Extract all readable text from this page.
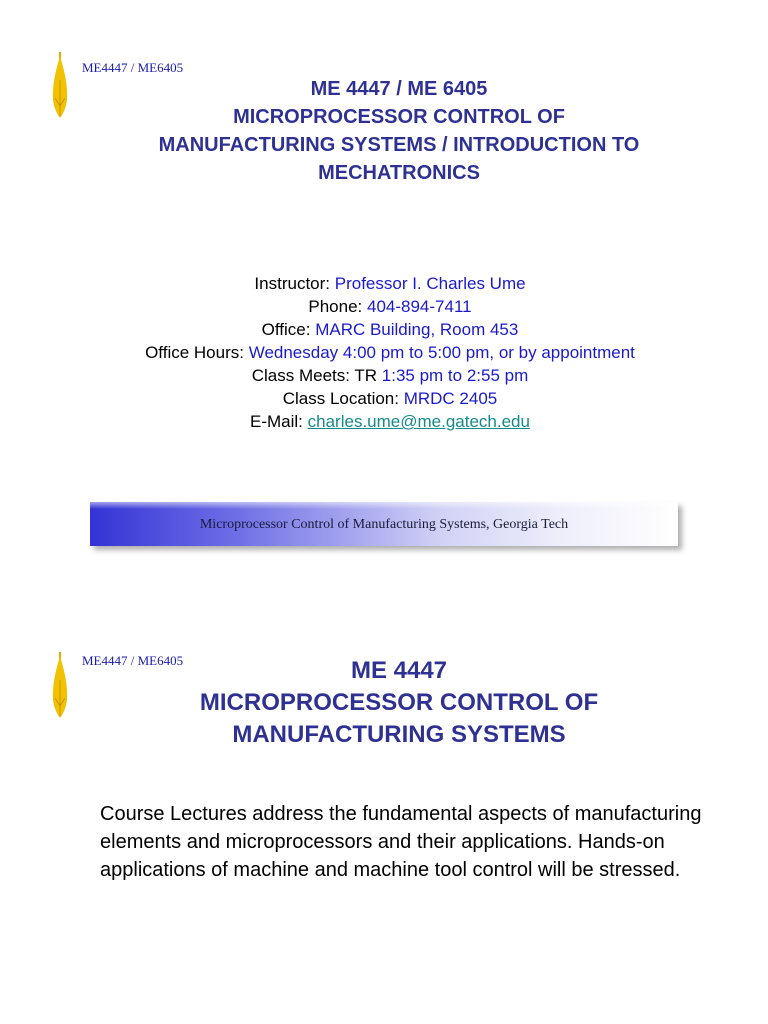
ME4447 / ME6405
ME 4447 / ME 6405
MICROPROCESSOR CONTROL OF
MANUFACTURING SYSTEMS / INTRODUCTION TO
MECHATRONICS
Instructor: Professor I. Charles Ume
Phone: 404-894-7411
Office: MARC Building, Room 453
Office Hours: Wednesday 4:00 pm to 5:00 pm, or by appointment
Class Meets: TR 1:35 pm to 2:55 pm
Class Location: MRDC 2405
E-Mail: charles.ume@me.gatech.edu
Microprocessor Control of Manufacturing Systems, Georgia Tech
ME4447 / ME6405	ME 4447
MICROPROCESSOR CONTROL OF
MANUFACTURING SYSTEMS
Course Lectures address the fundamental aspects of manufacturing elements and microprocessors and their applications. Hands-on applications of machine and machine tool control will be stressed.
